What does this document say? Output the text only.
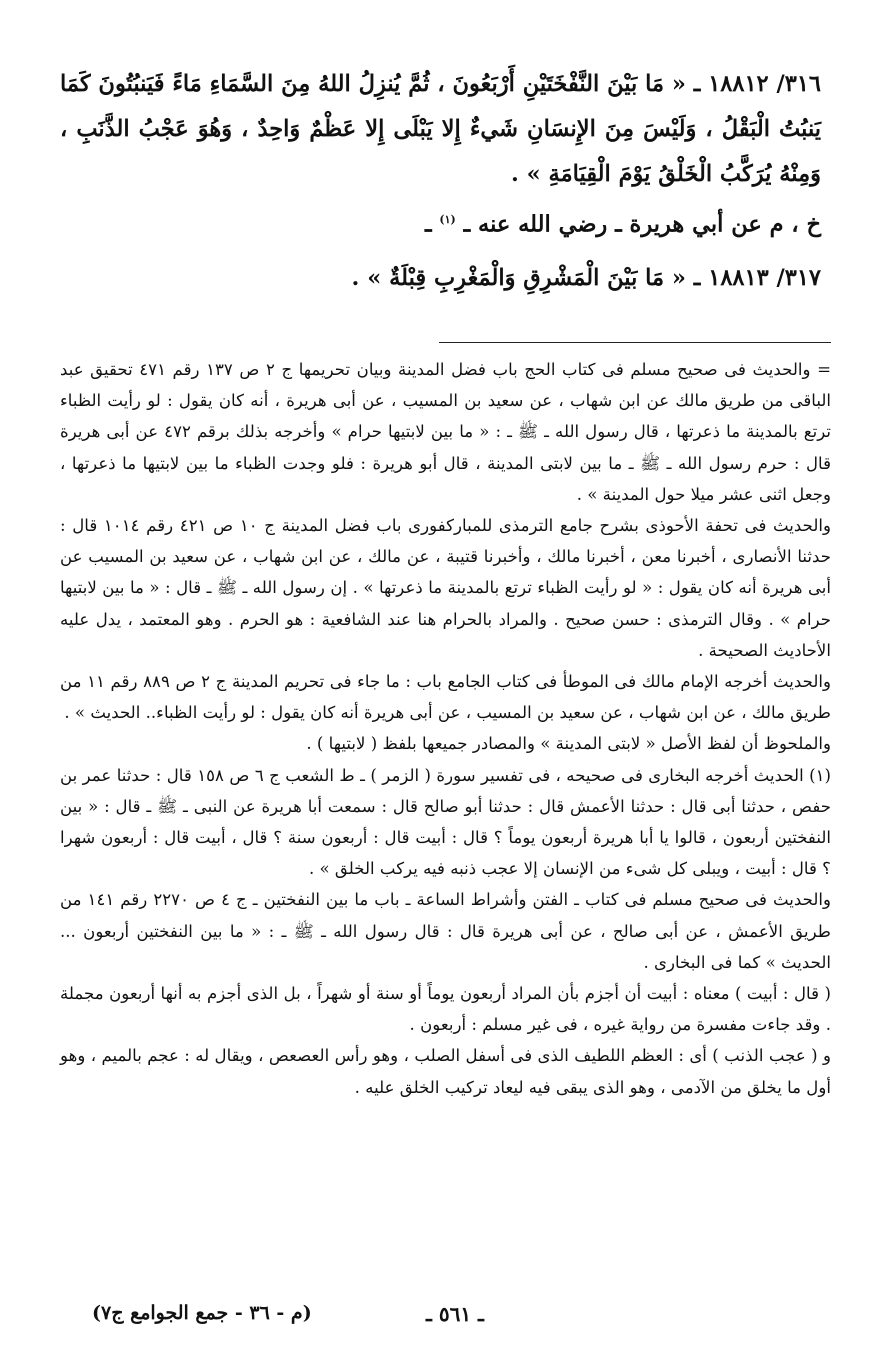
٣١٦/ ١٨٨١٢ ـ « مَا بَيْنَ النَّفْخَتَيْنِ أَرْبَعُونَ ، ثُمَّ يُنزِلُ اللهُ مِنَ السَّمَاءِ مَاءً فَيَنبُتُونَ كَمَا يَنبُتُ الْبَقْلُ ، وَلَيْسَ مِنَ الإِنسَانِ شَيءٌ إِلا يَبْلَى إِلا عَظْمٌ وَاحِدٌ ، وَهُوَ عَجْبُ الذَّنَبِ ، وَمِنْهُ يُرَكَّبُ الْخَلْقُ يَوْمَ الْقِيَامَةِ » .

خ ، م عن أبي هريرة ـ رضي الله عنه ـ $^{(١)}$ ـ

٣١٧/ ١٨٨١٣ ـ « مَا بَيْنَ الْمَشْرِقِ وَالْمَغْرِبِ قِبْلَةٌ » .

= والحديث فى صحيح مسلم فى كتاب الحج باب فضل المدينة وبيان تحريمها ج ٢ ص ١٣٧ رقم ٤٧١ تحقيق عبد الباقى من طريق مالك عن ابن شهاب ، عن سعيد بن المسيب ، عن أبى هريرة ، أنه كان يقول : لو رأيت الظباء ترتع بالمدينة ما ذعرتها ، قال رسول الله ـ ﷺ ـ : « ما بين لابتيها حرام » وأخرجه بذلك برقم ٤٧٢ عن أبى هريرة قال : حرم رسول الله ـ ﷺ ـ ما بين لابتى المدينة ، قال أبو هريرة : فلو وجدت الظباء ما بين لابتيها ما ذعرتها ، وجعل اثنى عشر ميلا حول المدينة » .

والحديث فى تحفة الأحوذى بشرح جامع الترمذى للمباركفورى باب فضل المدينة ج ١٠ ص ٤٢١ رقم ١٠١٤ قال : حدثنا الأنصارى ، أخبرنا معن ، أخبرنا مالك ، وأخبرنا قتيبة ، عن مالك ، عن ابن شهاب ، عن سعيد بن المسيب عن أبى هريرة أنه كان يقول : « لو رأيت الظباء ترتع بالمدينة ما ذعرتها » . إن رسول الله ـ ﷺ ـ قال : « ما بين لابتيها حرام » . وقال الترمذى : حسن صحيح . والمراد بالحرام هنا عند الشافعية : هو الحرم . وهو المعتمد ، يدل عليه الأحاديث الصحيحة .

والحديث أخرجه الإمام مالك فى الموطأ فى كتاب الجامع باب : ما جاء فى تحريم المدينة ج ٢ ص ٨٨٩ رقم ١١ من طريق مالك ، عن ابن شهاب ، عن سعيد بن المسيب ، عن أبى هريرة أنه كان يقول : لو رأيت الظباء.. الحديث » .

والملحوظ أن لفظ الأصل « لابتى المدينة » والمصادر جميعها بلفظ ( لابتيها ) .

(١) الحديث أخرجه البخارى فى صحيحه ، فى تفسير سورة ( الزمر ) ـ ط الشعب ج ٦ ص ١٥٨ قال : حدثنا عمر بن حفص ، حدثنا أبى قال : حدثنا الأعمش قال : حدثنا أبو صالح قال : سمعت أبا هريرة عن النبى ـ ﷺ ـ قال : « بين النفختين أربعون ، قالوا يا أبا هريرة أربعون يوماً ؟ قال : أبيت قال : أربعون سنة ؟ قال ، أبيت قال : أربعون شهرا ؟ قال : أبيت ، ويبلى كل شىء من الإنسان إلا عجب ذنبه فيه يركب الخلق » .

والحديث فى صحيح مسلم فى كتاب ـ الفتن وأشراط الساعة ـ باب ما بين النفختين ـ ج ٤ ص ٢٢٧٠ رقم ١٤١ من طريق الأعمش ، عن أبى صالح ، عن أبى هريرة قال : قال رسول الله ـ ﷺ ـ : « ما بين النفختين أربعون ... الحديث » كما فى البخارى .

( قال : أبيت ) معناه : أبيت أن أجزم بأن المراد أربعون يوماً أو سنة أو شهراً ، بل الذى أجزم به أنها أربعون مجملة . وقد جاءت مفسرة من رواية غيره ، فى غير مسلم : أربعون .

و ( عجب الذنب ) أى : العظم اللطيف الذى فى أسفل الصلب ، وهو رأس العصعص ، ويقال له : عجم بالميم ، وهو أول ما يخلق من الآدمى ، وهو الذى يبقى فيه ليعاد تركيب الخلق عليه .

ـ ٥٦١ ـ
(م - ٣٦ - جمع الجوامع ج٧)
